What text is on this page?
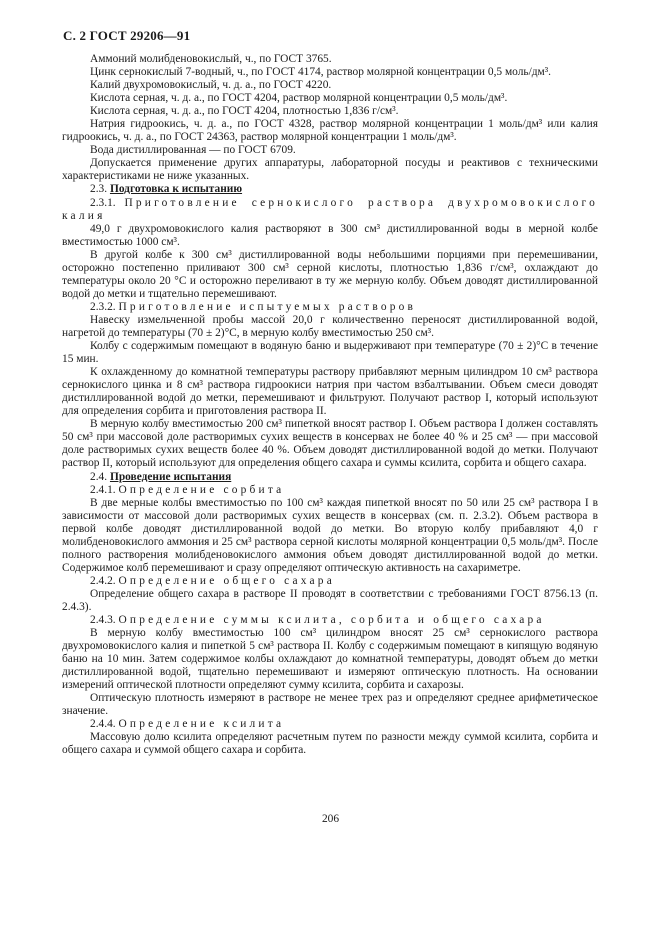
С. 2 ГОСТ 29206—91

Аммоний молибденовокислый, ч., по ГОСТ 3765.

Цинк сернокислый 7-водный, ч., по ГОСТ 4174, раствор молярной концентрации 0,5 моль/дм³.

Калий двухромовокислый, ч. д. а., по ГОСТ 4220.

Кислота серная, ч. д. а., по ГОСТ 4204, раствор молярной концентрации 0,5 моль/дм³.

Кислота серная, ч. д. а., по ГОСТ 4204, плотностью 1,836 г/см³.

Натрия гидроокись, ч. д. а., по ГОСТ 4328, раствор молярной концентрации 1 моль/дм³ или калия гидроокись, ч. д. а., по ГОСТ 24363, раствор молярной концентрации 1 моль/дм³.

Вода дистиллированная — по ГОСТ 6709.

Допускается применение других аппаратуры, лабораторной посуды и реактивов с техническими характеристиками не ниже указанных.

2.3. Подготовка к испытанию

2.3.1. Приготовление сернокислого раствора двухромовокислого калия

49,0 г двухромовокислого калия растворяют в 300 см³ дистиллированной воды в мерной колбе вместимостью 1000 см³.

В другой колбе к 300 см³ дистиллированной воды небольшими порциями при перемешивании, осторожно постепенно приливают 300 см³ серной кислоты, плотностью 1,836 г/см³, охлаждают до температуры около 20 °С и осторожно переливают в ту же мерную колбу. Объем доводят дистиллированной водой до метки и тщательно перемешивают.

2.3.2. Приготовление испытуемых растворов

Навеску измельченной пробы массой 20,0 г количественно переносят дистиллированной водой, нагретой до температуры (70 ± 2)°С, в мерную колбу вместимостью 250 см³.

Колбу с содержимым помещают в водяную баню и выдерживают при температуре (70 ± 2)°С в течение 15 мин.

К охлажденному до комнатной температуры раствору прибавляют мерным цилиндром 10 см³ раствора сернокислого цинка и 8 см³ раствора гидроокиси натрия при частом взбалтывании. Объем смеси доводят дистиллированной водой до метки, перемешивают и фильтруют. Получают раствор I, который используют для определения сорбита и приготовления раствора II.

В мерную колбу вместимостью 200 см³ пипеткой вносят раствор I. Объем раствора I должен составлять 50 см³ при массовой доле растворимых сухих веществ в консервах не более 40 % и 25 см³ — при массовой доле растворимых сухих веществ более 40 %. Объем доводят дистиллированной водой до метки. Получают раствор II, который используют для определения общего сахара и суммы ксилита, сорбита и общего сахара.

2.4. Проведение испытания

2.4.1. Определение сорбита

В две мерные колбы вместимостью по 100 см³ каждая пипеткой вносят по 50 или 25 см³ раствора I в зависимости от массовой доли растворимых сухих веществ в консервах (см. п. 2.3.2). Объем раствора в первой колбе доводят дистиллированной водой до метки. Во вторую колбу прибавляют 4,0 г молибденовокислого аммония и 25 см³ раствора серной кислоты молярной концентрации 0,5 моль/дм³. После полного растворения молибденовокислого аммония объем доводят дистиллированной водой до метки. Содержимое колб перемешивают и сразу определяют оптическую активность на сахариметре.

2.4.2. Определение общего сахара

Определение общего сахара в растворе II проводят в соответствии с требованиями ГОСТ 8756.13 (п. 2.4.3).

2.4.3. Определение суммы ксилита, сорбита и общего сахара

В мерную колбу вместимостью 100 см³ цилиндром вносят 25 см³ сернокислого раствора двухромовокислого калия и пипеткой 5 см³ раствора II. Колбу с содержимым помещают в кипящую водяную баню на 10 мин. Затем содержимое колбы охлаждают до комнатной температуры, доводят объем до метки дистиллированной водой, тщательно перемешивают и измеряют оптическую плотность. На основании измерений оптической плотности определяют сумму ксилита, сорбита и сахарозы.

Оптическую плотность измеряют в растворе не менее трех раз и определяют среднее арифметическое значение.

2.4.4. Определение ксилита

Массовую долю ксилита определяют расчетным путем по разности между суммой ксилита, сорбита и общего сахара и суммой общего сахара и сорбита.

206
